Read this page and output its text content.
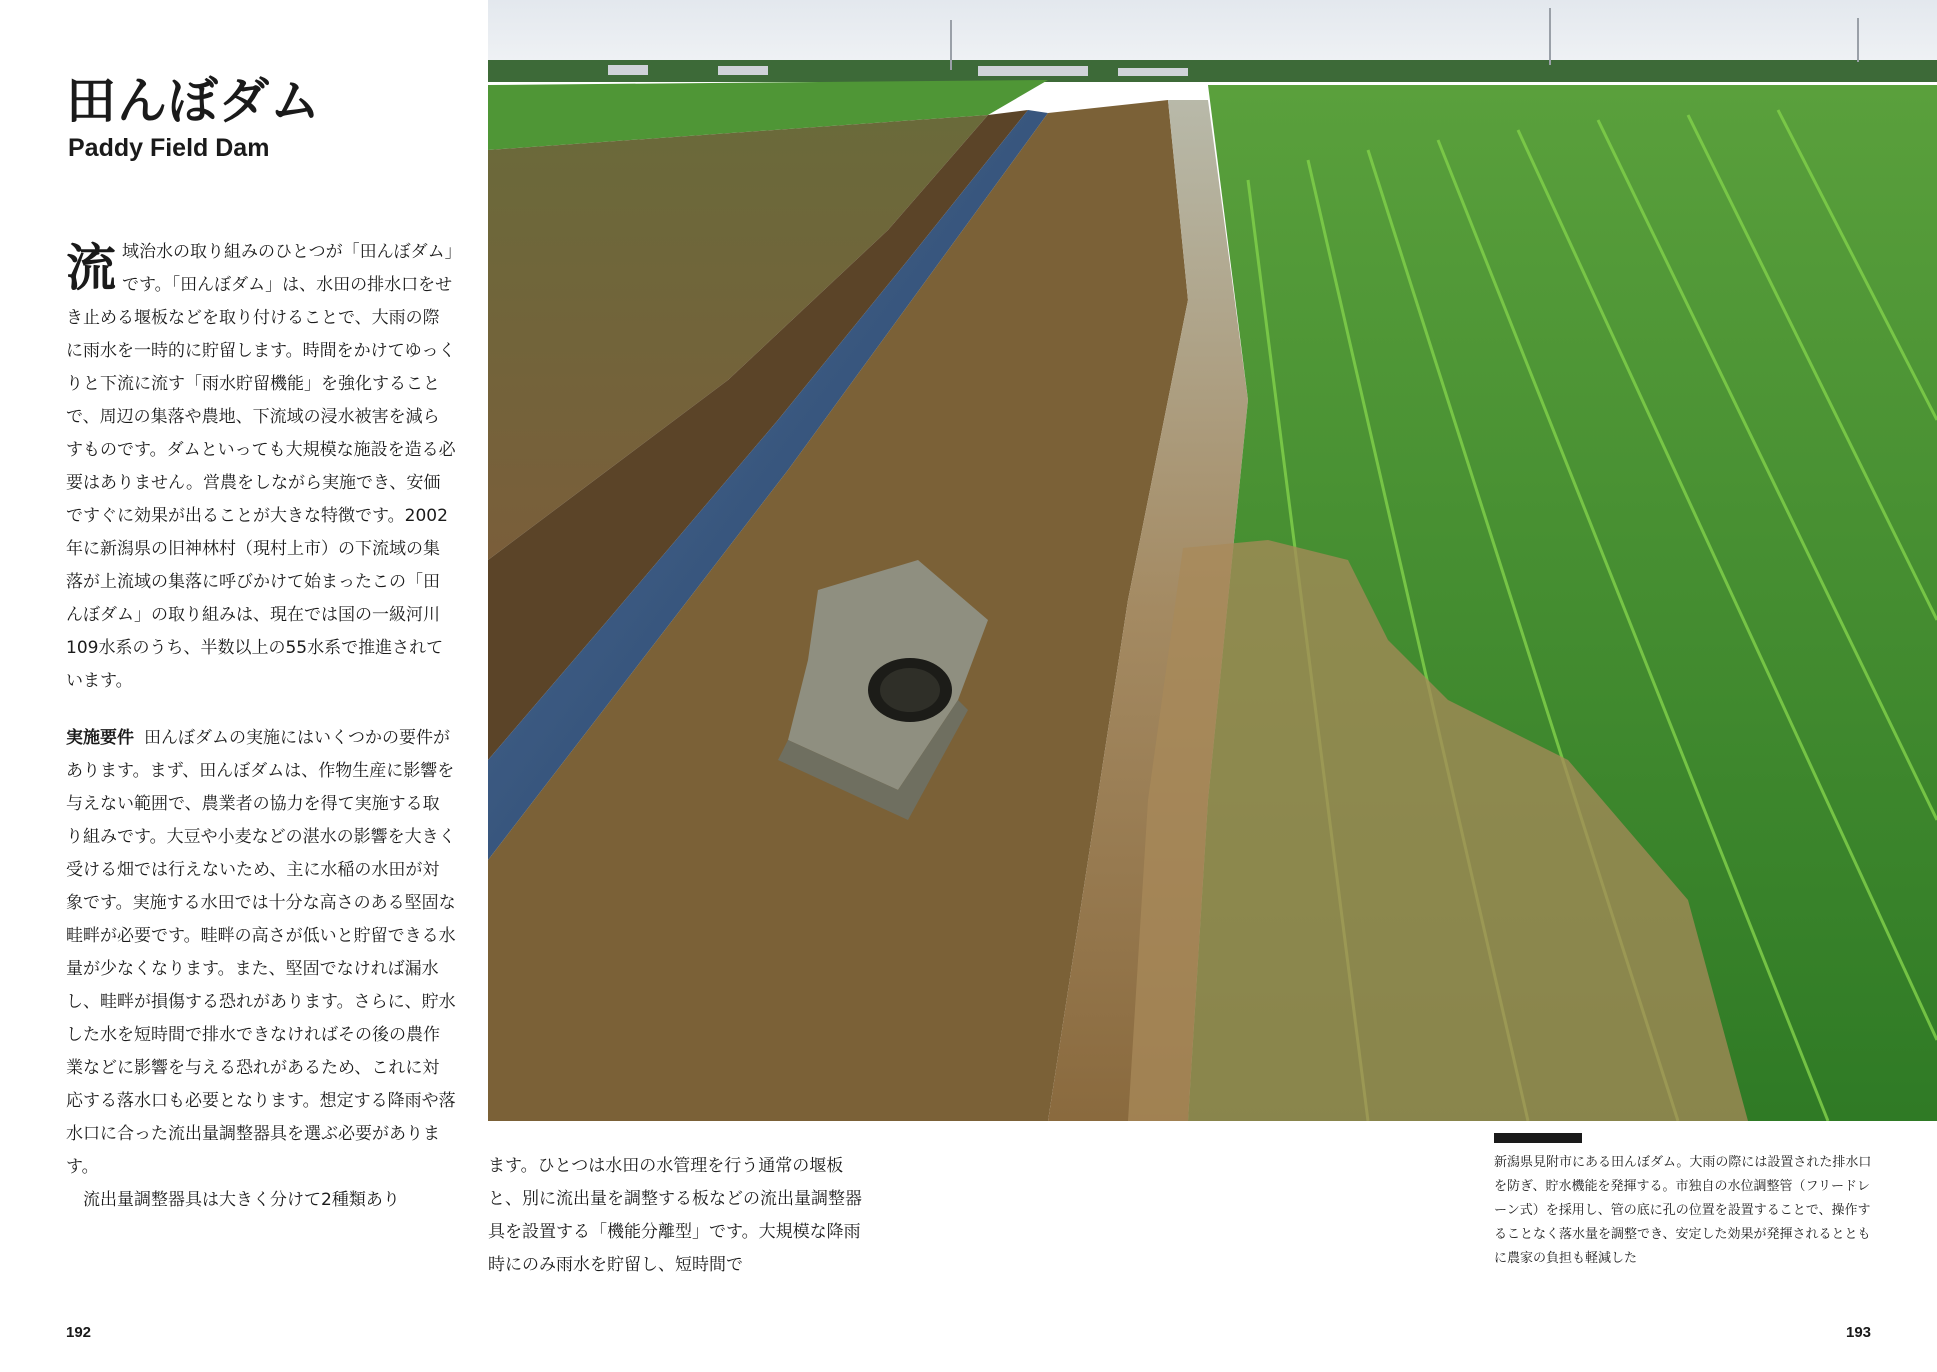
田んぼダム
Paddy Field Dam
流 域治水の取り組みのひとつが「田んぼダム」です。「田んぼダム」は、水田の排水口をせき止める堰板などを取り付けることで、大雨の際に雨水を一時的に貯留します。時間をかけてゆっくりと下流に流す「雨水貯留機能」を強化することで、周辺の集落や農地、下流域の浸水被害を減らすものです。ダムといっても大規模な施設を造る必要はありません。営農をしながら実施でき、安価ですぐに効果が出ることが大きな特徴です。2002年に新潟県の旧神林村（現村上市）の下流域の集落が上流域の集落に呼びかけて始まったこの「田んぼダム」の取り組みは、現在では国の一級河川109水系のうち、半数以上の55水系で推進されています。

実施要件 田んぼダムの実施にはいくつかの要件があります。まず、田んぼダムは、作物生産に影響を与えない範囲で、農業者の協力を得て実施する取り組みです。大豆や小麦などの湛水の影響を大きく受ける畑では行えないため、主に水稲の水田が対象です。実施する水田では十分な高さのある堅固な畦畔が必要です。畦畔の高さが低いと貯留できる水量が少なくなります。また、堅固でなければ漏水し、畦畔が損傷する恐れがあります。さらに、貯水した水を短時間で排水できなければその後の農作業などに影響を与える恐れがあるため、これに対応する落水口も必要となります。想定する降雨や落水口に合った流出量調整器具を選ぶ必要があります。

流出量調整器具は大きく分けて2種類あり

ます。ひとつは水田の水管理を行う通常の堰板と、別に流出量を調整する板などの流出量調整器具を設置する「機能分離型」です。大規模な降雨時にのみ雨水を貯留し、短時間で

新潟県見附市にある田んぼダム。大雨の際には設置された排水口を防ぎ、貯水機能を発揮する。市独自の水位調整管（フリードレーン式）を採用し、管の底に孔の位置を設置することで、操作することなく落水量を調整でき、安定した効果が発揮されるとともに農家の負担も軽減した

192	193
